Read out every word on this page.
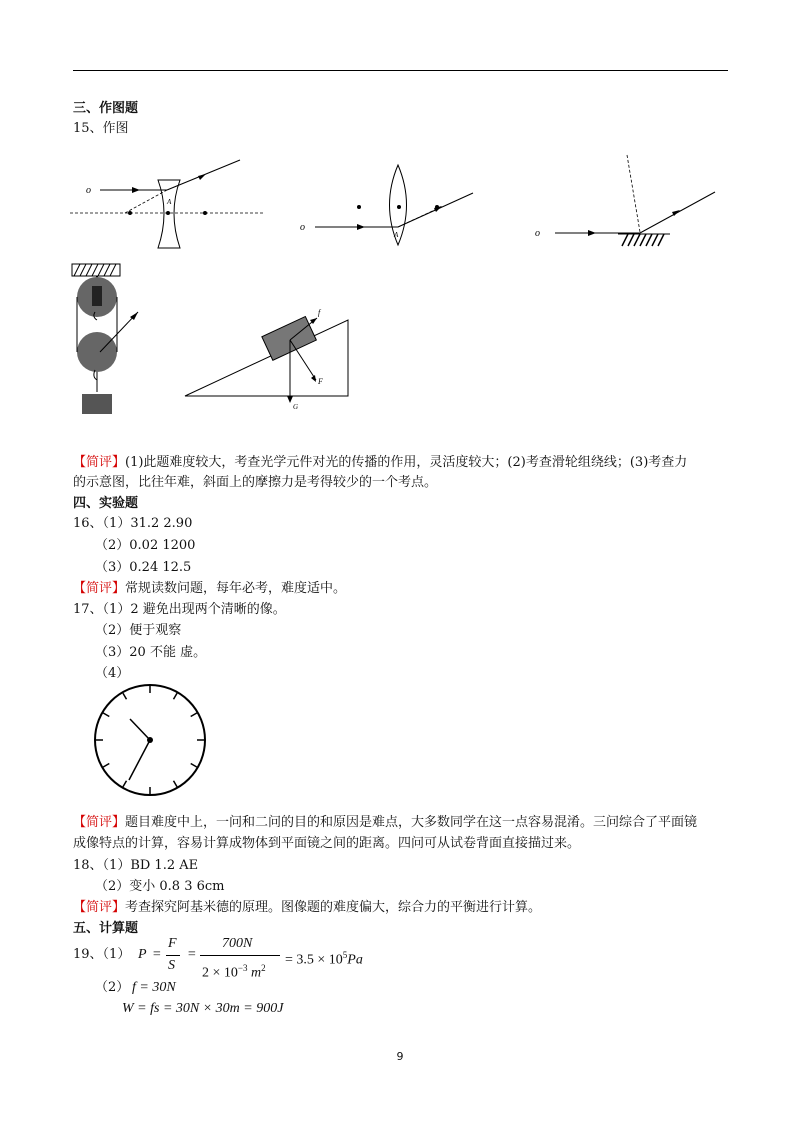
三、作图题
15、作图
o
A
o
A	o
f
F
G
【简评】(1)此题难度较大，考查光学元件对光的传播的作用，灵活度较大；(2)考查滑轮组绕线；(3)考查力
的示意图，比往年难，斜面上的摩擦力是考得较少的一个考点。
四、实验题
16、（1）31.2 2.90
（2）0.02 1200
（3）0.24 12.5
【简评】常规读数问题，每年必考，难度适中。
17、（1）2 避免出现两个清晰的像。
（2）便于观察
（3）20 不能 虚。
（4）
【简评】题目难度中上，一问和二问的目的和原因是难点，大多数同学在这一点容易混淆。三问综合了平面镜
成像特点的计算，容易计算成物体到平面镜之间的距离。四问可从试卷背面直接描过来。
18、（1）BD 1.2 AE
（2）变小 0.8 3 6cm
【简评】考查探究阿基米德的原理。图像题的难度偏大，综合力的平衡进行计算。
五、计算题
19、（1） P =
F
S
=
700N
$2 \times 10^{-3}$ $m^2$
= $3.5 \times 10^5Pa$
（2） f = 30N
W = fs = 30N × 30m = 900J
9
